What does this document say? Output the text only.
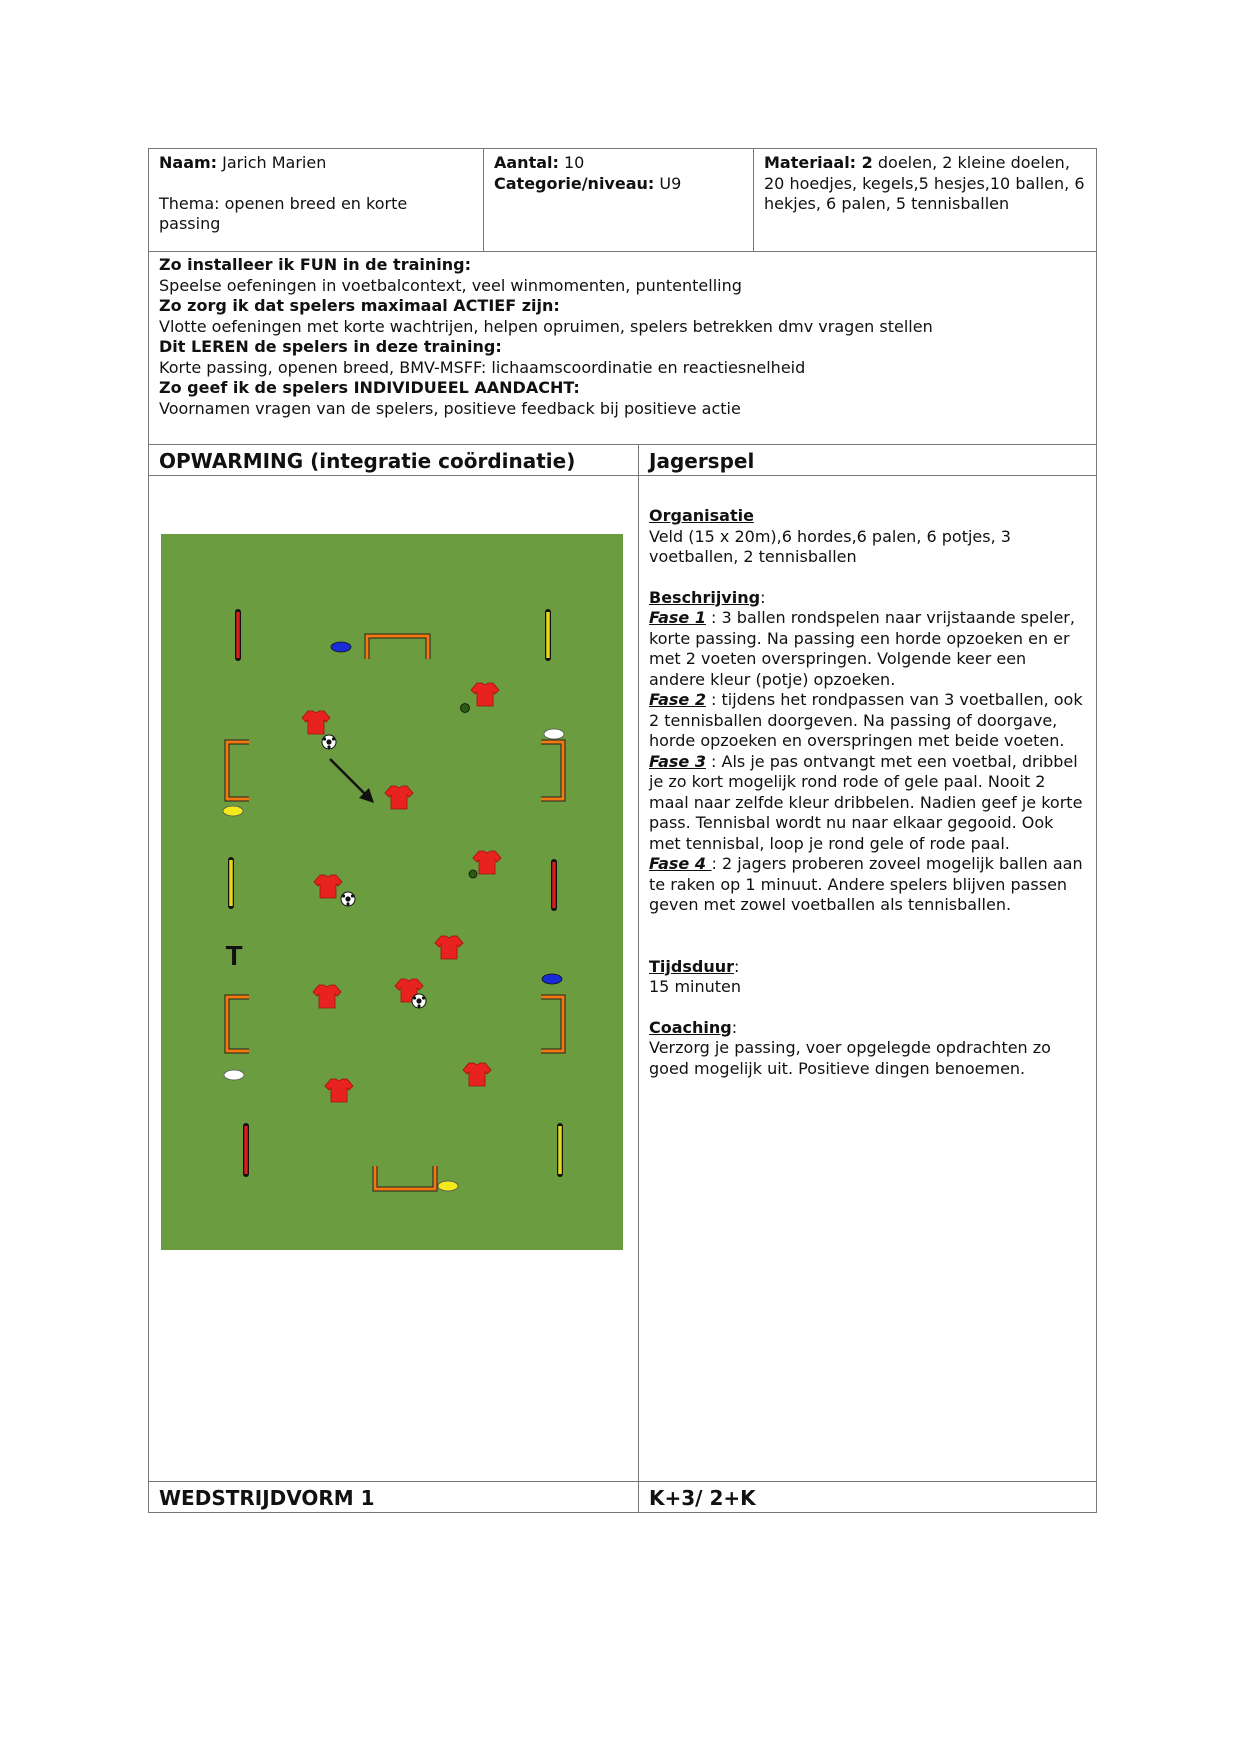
Naam: Jarich Marien
Thema: openen breed en korte passing
Aantal: 10
Categorie/niveau: U9
Materiaal: 2 doelen, 2 kleine doelen, 20 hoedjes, kegels,5 hesjes,10 ballen, 6 hekjes, 6 palen, 5 tennisballen
Zo installeer ik FUN in de training:
Speelse oefeningen in voetbalcontext, veel winmomenten, puntentelling
Zo zorg ik dat spelers maximaal ACTIEF zijn:
Vlotte oefeningen met korte wachtrijen, helpen opruimen, spelers betrekken dmv vragen stellen
Dit LEREN de spelers in deze training:
Korte passing, openen breed, BMV-MSFF: lichaamscoordinatie en reactiesnelheid
Zo geef ik de spelers INDIVIDUEEL AANDACHT:
Voornamen vragen van de spelers, positieve feedback bij positieve actie
OPWARMING (integratie coördinatie)	Jagerspel
T
Organisatie
Veld (15 x 20m),6 hordes,6 palen, 6 potjes, 3 voetballen, 2 tennisballen
Beschrijving:
Fase 1 : 3 ballen rondspelen naar vrijstaande speler, korte passing. Na passing een horde opzoeken en er met 2 voeten overspringen. Volgende keer een andere kleur (potje) opzoeken.
Fase 2 : tijdens het rondpassen van 3 voetballen, ook 2 tennisballen doorgeven. Na passing of doorgave, horde opzoeken en overspringen met beide voeten.
Fase 3 : Als je pas ontvangt met een voetbal, dribbel je zo kort mogelijk rond rode of gele paal. Nooit 2 maal naar zelfde kleur dribbelen. Nadien geef je korte pass. Tennisbal wordt nu naar elkaar gegooid. Ook met tennisbal, loop je rond gele of rode paal.
Fase 4 : 2 jagers proberen zoveel mogelijk ballen aan te raken op 1 minuut. Andere spelers blijven passen geven met zowel voetballen als tennisballen.
Tijdsduur:
15 minuten
Coaching:
Verzorg je passing, voer opgelegde opdrachten zo goed mogelijk uit. Positieve dingen benoemen.
WEDSTRIJDVORM 1	K+3/ 2+K
